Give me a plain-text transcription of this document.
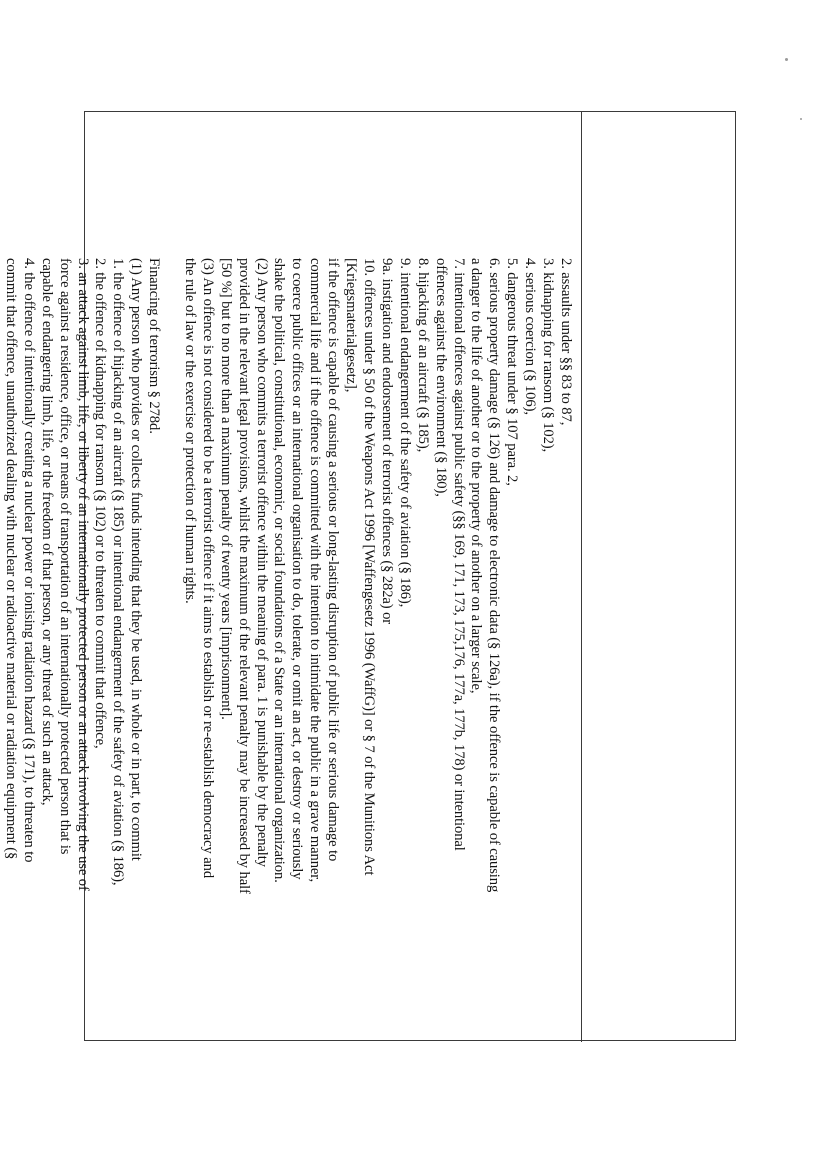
2. assaults under §§ 83 to 87,
3. kidnapping for ransom (§ 102),
4. serious coercion (§ 106),
5. dangerous threat under § 107 para. 2,
6. serious property damage (§ 126) and damage to electronic data (§ 126a), if the offence is capable of causing
a danger to the life of another or to the property of another on a larger scale,
7. intentional offences against public safety (§§ 169, 171, 173, 175,176, 177a, 177b, 178) or intentional
offences against the environment (§ 180),
8. hijacking of an aircraft (§ 185),
9. intentional endangerment of the safety of aviation (§ 186),
9a. instigation and endorsement of terrorist offences (§ 282a) or
10. offences under § 50 of the Weapons Act 1996 [Waffengesetz 1996 (WaffG)] or § 7 of the Munitions Act
[Kriegsmaterialgesetz],
if the offence is capable of causing a serious or long-lasting disruption of public life or serious damage to
commercial life and if the offence is committed with the intention to intimidate the public in a grave manner,
to coerce public offices or an international organisation to do, tolerate, or omit an act, or destroy or seriously
shake the political, constitutional, economic, or social foundations of a State or an international organization.
(2) Any person who commits a terrorist offence within the meaning of para. 1 is punishable by the penalty
provided in the relevant legal provisions, whilst the maximum of the relevant penalty may be increased by half
[50 %] but to no more than a maximum penalty of twenty years [imprisonment].
(3) An offence is not considered to be a terrorist offence if it aims to establish or re-establish democracy and
the rule of law or the exercise or protection of human rights.
Financing of terrorism § 278d.
(1) Any person who provides or collects funds intending that they be used, in whole or in part, to commit
1. the offence of hijacking of an aircraft (§ 185) or intentional endangerment of the safety of aviation (§ 186),
2. the offence of kidnapping for ransom (§ 102) or to threaten to commit that offence,
3. an attack against limb, life, or liberty of an internationally protected person or an attack involving the use of
force against a residence, office, or means of transportation of an internationally protected person that is
capable of endangering limb, life, or the freedom of that person, or any threat of such an attack,
4. the offence of intentionally creating a nuclear power or ionising radiation hazard (§ 171), to threaten to
commit that offence, unauthorized dealing with nuclear or radioactive material or radiation equipment (§
